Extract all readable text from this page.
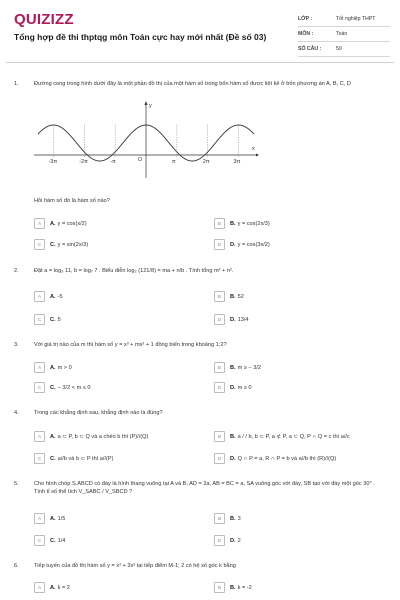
QUIZIZZ
Tổng hợp đề thi thptqg môn Toán cực hay mới nhất (Đề số 03)
LỚP :	Tốt nghiệp THPT
MÔN :	Toán
SỐ CÂU :	50
1.	Đường cong trong hình dưới đây là một phần đồ thị của một hàm số trong bốn hàm số được liệt kê ở bốn phương án A, B, C, D
y
x
O
-3π	-2π	-π	π	2π	3π
Hỏi hàm số đó là hàm số nào?
A	A. y = cos(x/2)	B	B. y = cos(2x/3)
C	C. y = sin(2x/3)	D	D. y = cos(3x/2)
2.	Đặt a = log₃ 11, b = log₇ 7 . Biểu diễn log₂ (121/8) = ma + n/b . Tính tổng m² + n².
A	A. -5	B	B. 52
C	C. 5	D	D. 13/4
3.	Với giá trị nào của m thì hàm số y = x³ + mx² + 1 đồng biến trong khoảng 1;2?
A	A. m > 0	B	B. m ≥ − 3/2
C	C. − 3/2 < m ≤ 0	D	D. m ≥ 0
4.	Trong các khẳng định sau, khẳng định nào là đúng?
A	A. a ⊂ P, b ⊂ Q và a chéo b thì (P)//(Q)	B	B. a / / b, b ⊂ P, a ⊄ P, a ⊂ Q, P ∩ Q = c thì a//c
C	C. a//b và b ⊂ P thì a//(P)	D	D. Q ∩ P = a, R ∩ P = b và a//b thì (R)//(Q)
5.	Cho hình chóp S.ABCD có đáy là hình thang vuông tại A và B, AD = 2a, AB = BC = a, SA vuông góc với đáy, SB tạo với đáy một góc 30° . Tính tỉ số thể tích V_SABC / V_SBCD ?
A	A. 1/5	B	B. 3
C	C. 1/4	D	D. 2
6.	Tiếp tuyến của đồ thị hàm số y = x³ + 3x² tại tiếp điểm M-1; 2 có hệ số góc k bằng
A	A. k = 2	B	B. k = -2
